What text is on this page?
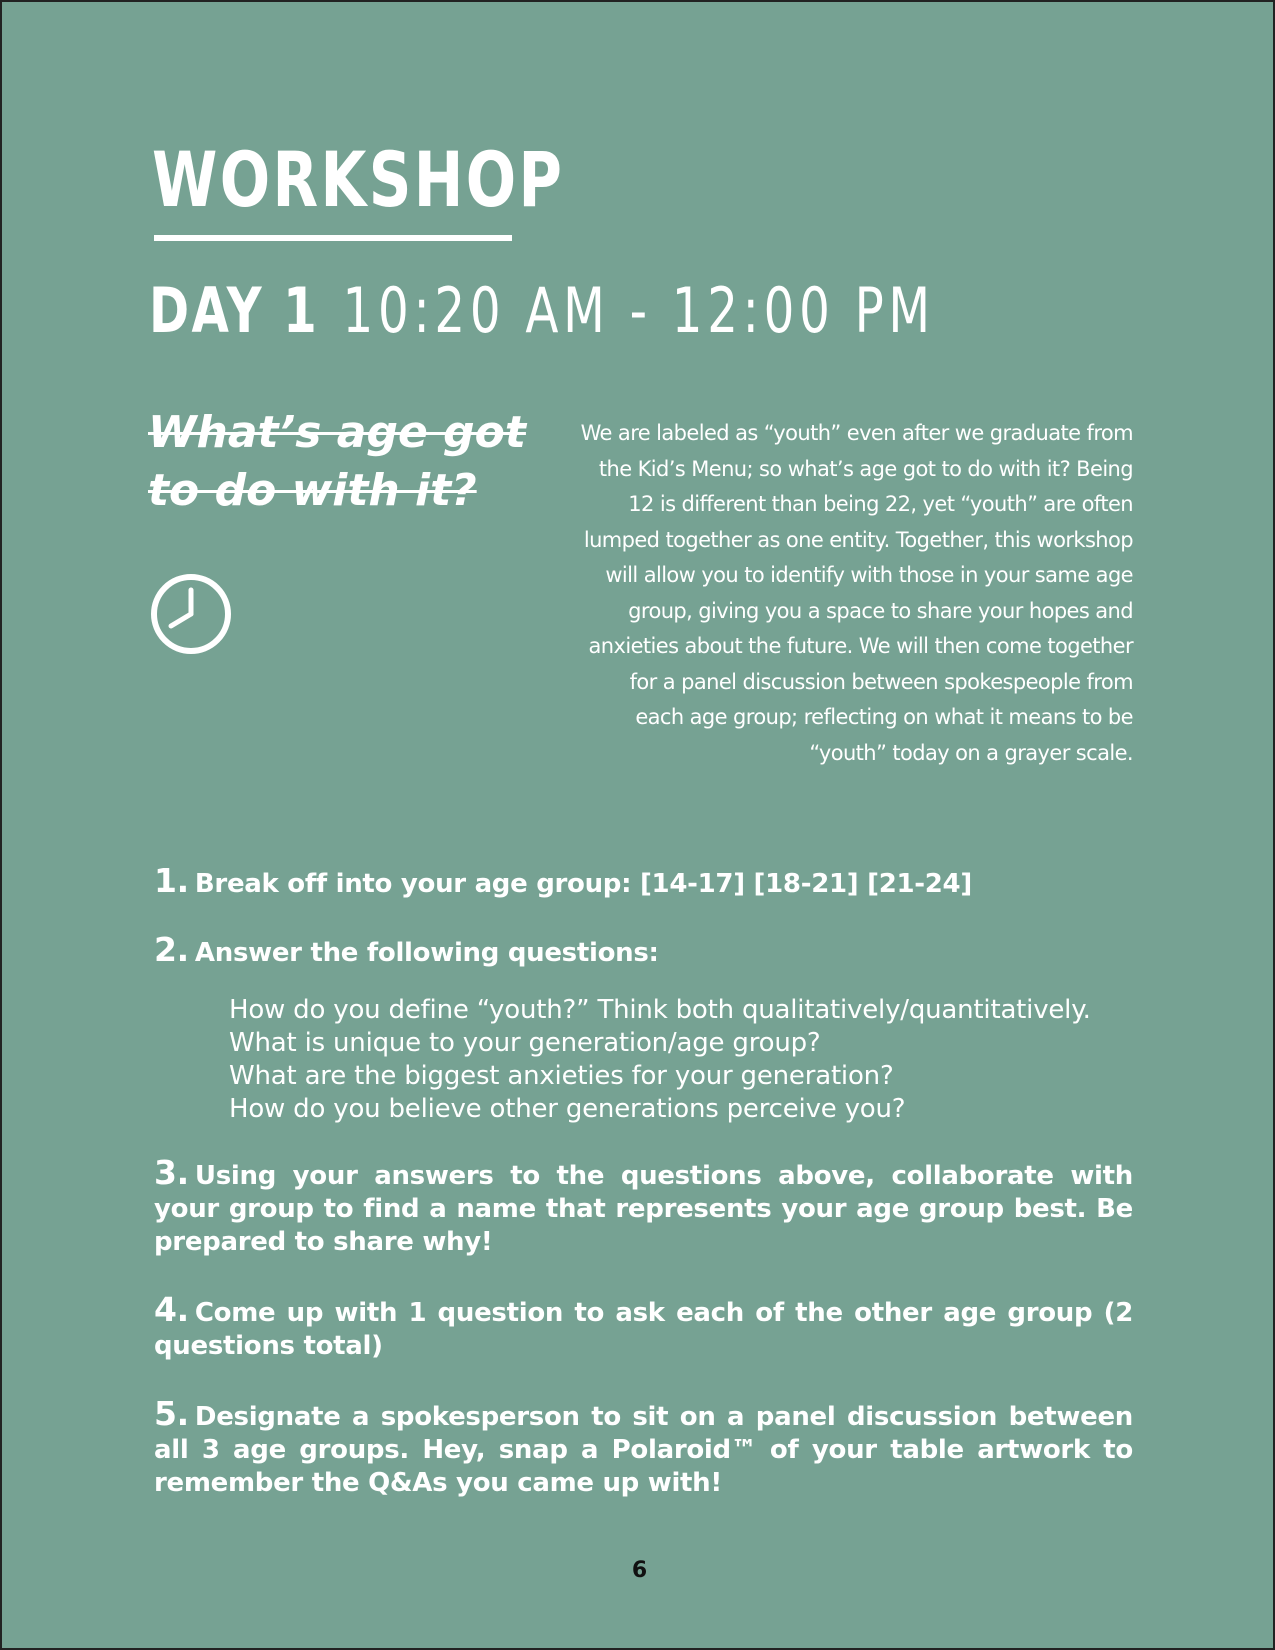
WORKSHOP
DAY 1 10:20 AM - 12:00 PM
What’s age got to do with it?

We are labeled as “youth” even after we graduate from the Kid’s Menu; so what’s age got to do with it? Being 12 is different than being 22, yet “youth” are often lumped together as one entity. Together, this workshop will allow you to identify with those in your same age group, giving you a space to share your hopes and anxieties about the future. We will then come together for a panel discussion between spokespeople from each age group; reflecting on what it means to be “youth” today on a grayer scale.

1. Break off into your age group: [14-17] [18-21] [21-24]

2. Answer the following questions:

How do you define “youth?” Think both qualitatively/quantitatively.
What is unique to your generation/age group?
What are the biggest anxieties for your generation?
How do you believe other generations perceive you?

3. Using your answers to the questions above, collaborate with your group to find a name that represents your age group best. Be prepared to share why!

4. Come up with 1 question to ask each of the other age group (2 questions total)

5. Designate a spokesperson to sit on a panel discussion between all 3 age groups. Hey, snap a Polaroid™ of your table artwork to remember the Q&As you came up with!

6
